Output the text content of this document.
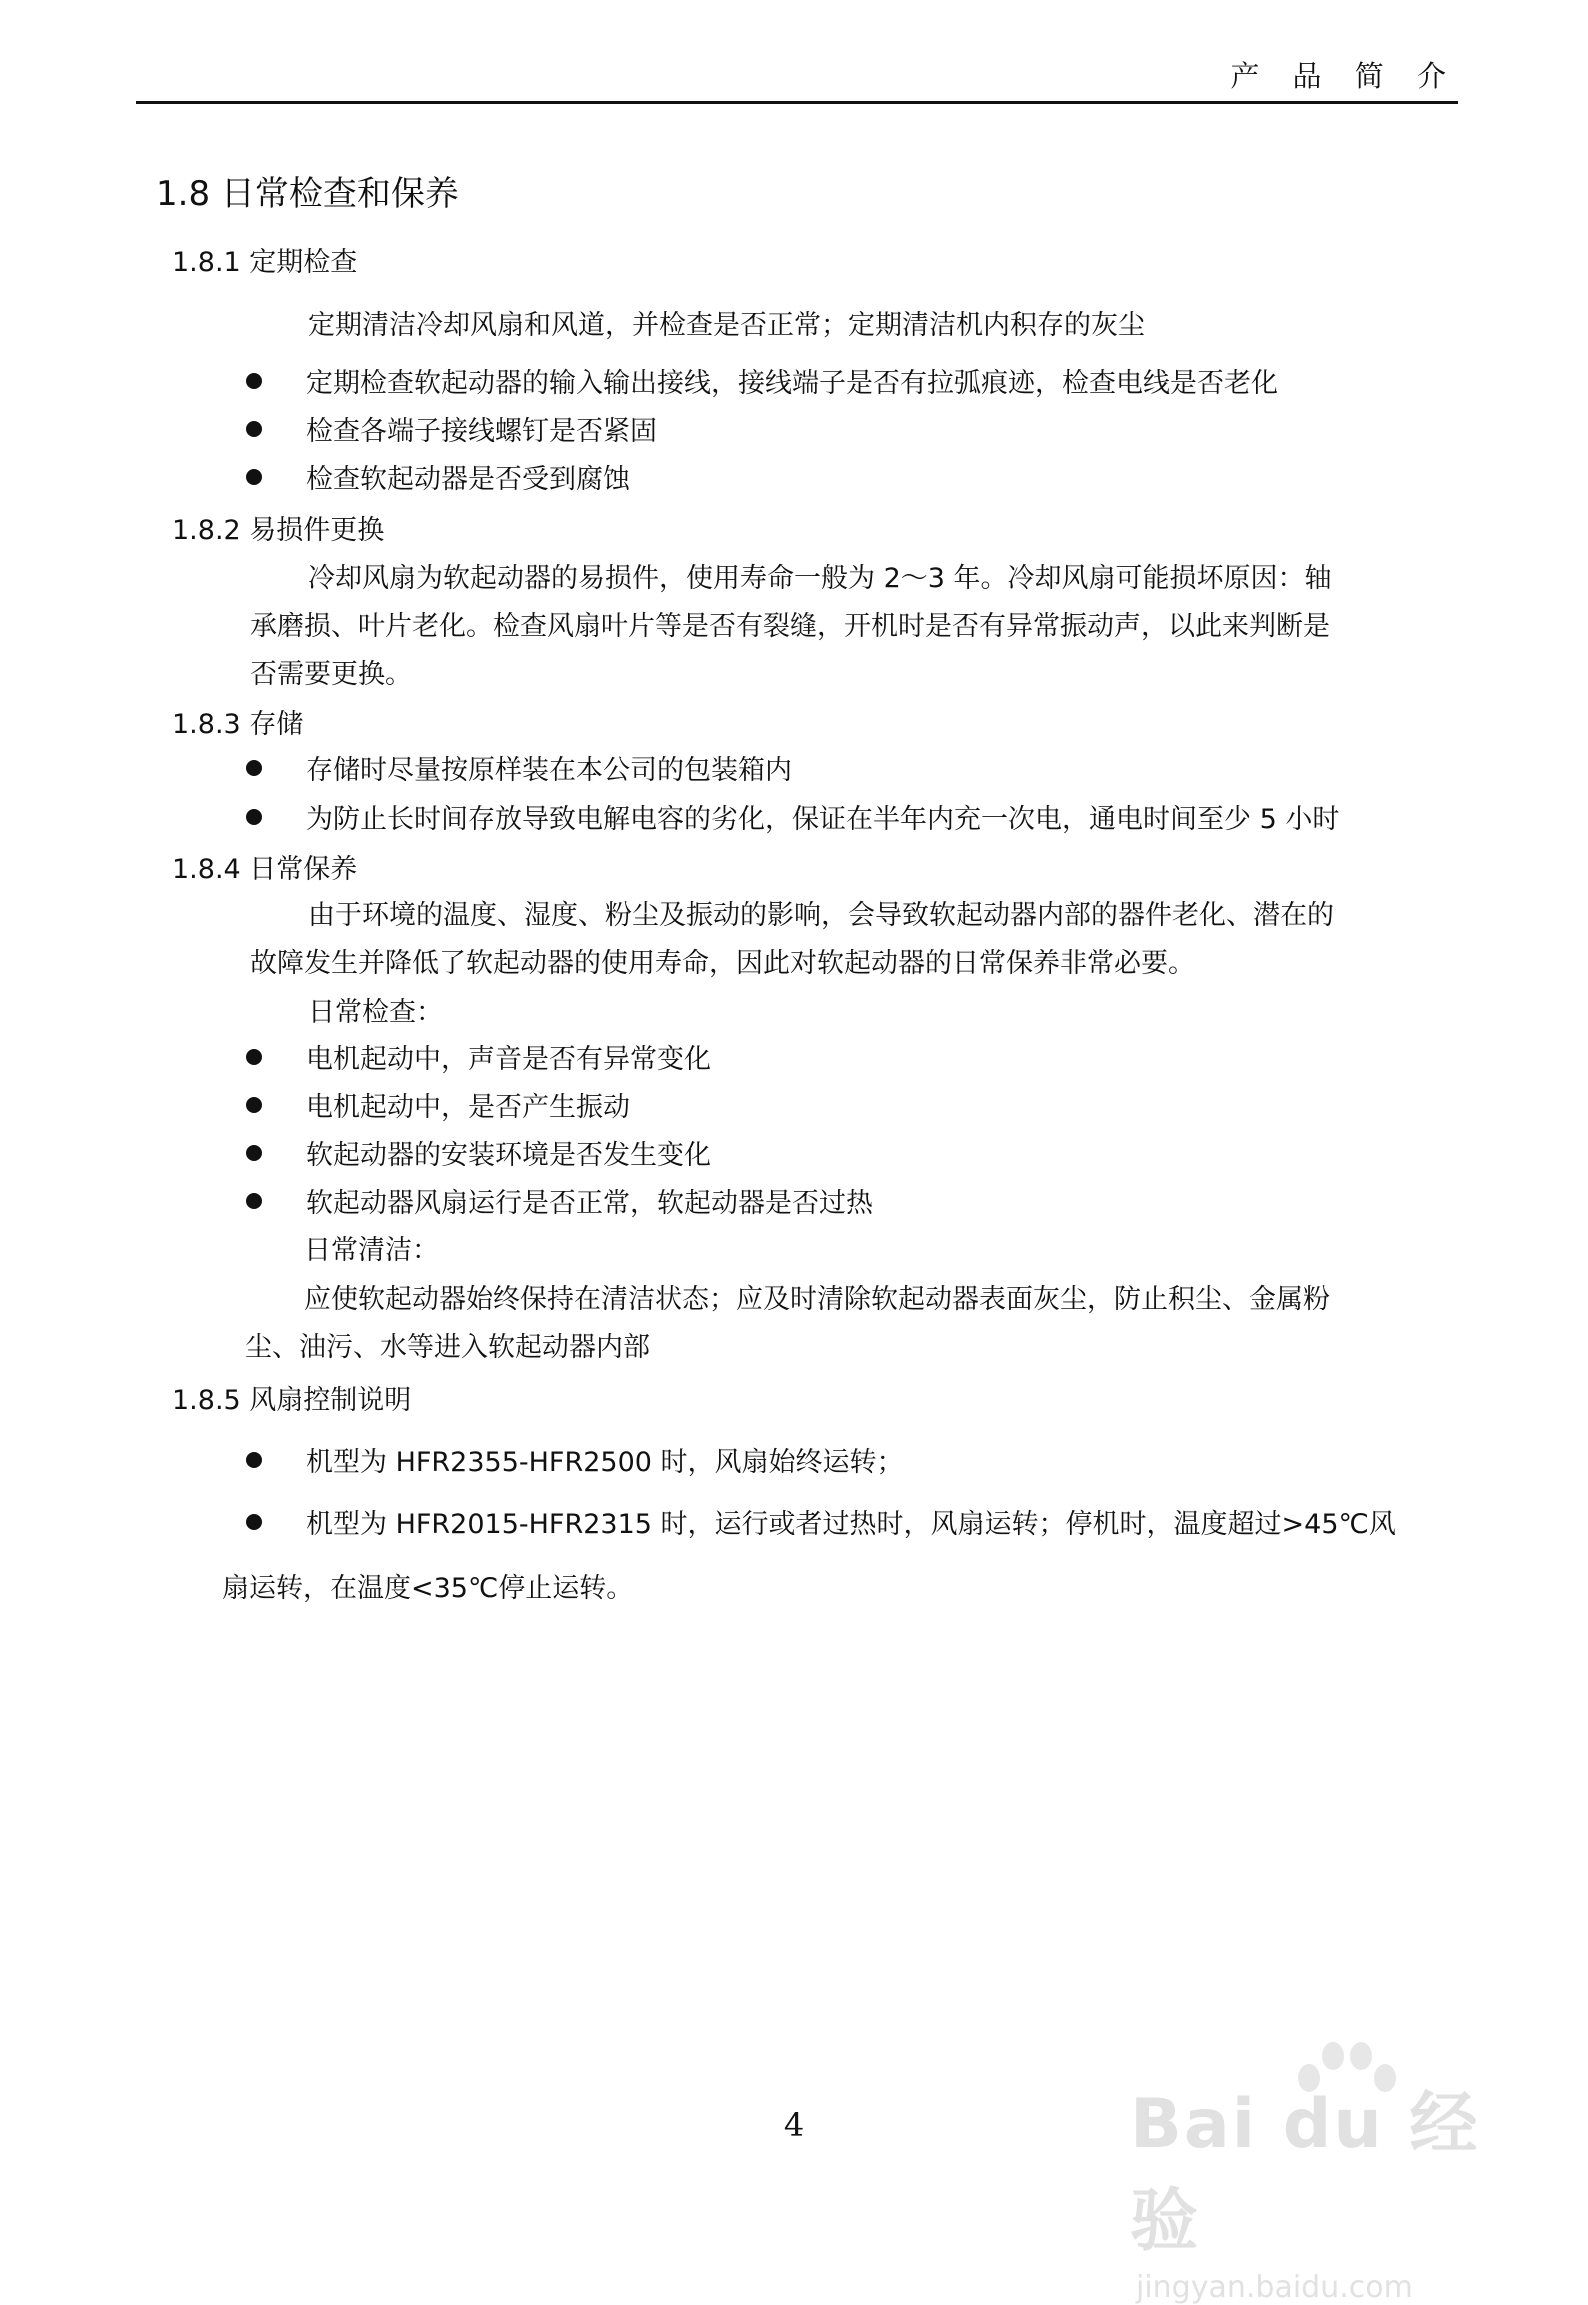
产 品 简 介
1.8 日常检查和保养
1.8.1 定期检查
定期清洁冷却风扇和风道，并检查是否正常；定期清洁机内积存的灰尘
定期检查软起动器的输入输出接线，接线端子是否有拉弧痕迹，检查电线是否老化
检查各端子接线螺钉是否紧固
检查软起动器是否受到腐蚀
1.8.2 易损件更换
冷却风扇为软起动器的易损件，使用寿命一般为 2～3 年。冷却风扇可能损坏原因：轴
承磨损、叶片老化。检查风扇叶片等是否有裂缝，开机时是否有异常振动声，以此来判断是
否需要更换。
1.8.3 存储
存储时尽量按原样装在本公司的包装箱内
为防止长时间存放导致电解电容的劣化，保证在半年内充一次电，通电时间至少 5 小时
1.8.4 日常保养
由于环境的温度、湿度、粉尘及振动的影响，会导致软起动器内部的器件老化、潜在的
故障发生并降低了软起动器的使用寿命，因此对软起动器的日常保养非常必要。
日常检查：
电机起动中，声音是否有异常变化
电机起动中，是否产生振动
软起动器的安装环境是否发生变化
软起动器风扇运行是否正常，软起动器是否过热
日常清洁：
应使软起动器始终保持在清洁状态；应及时清除软起动器表面灰尘，防止积尘、金属粉
尘、油污、水等进入软起动器内部
1.8.5 风扇控制说明
机型为 HFR2355-HFR2500 时，风扇始终运转；
机型为 HFR2015-HFR2315 时，运行或者过热时，风扇运转；停机时，温度超过>45℃风
扇运转，在温度<35℃停止运转。
4	Bai du 经验
jingyan.baidu.com
